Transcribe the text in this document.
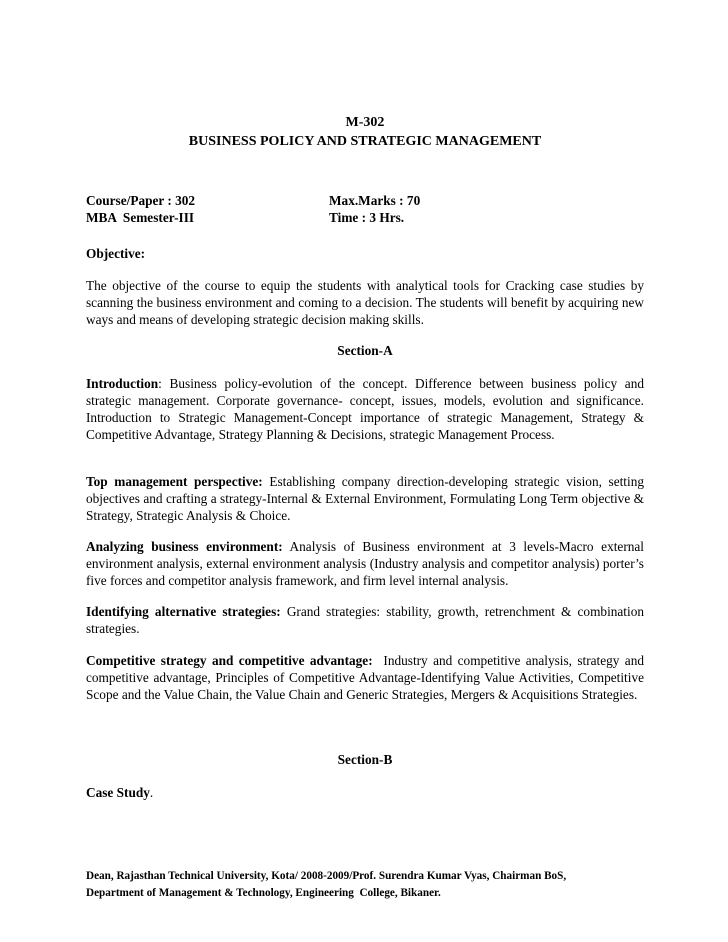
M-302
BUSINESS POLICY AND STRATEGIC MANAGEMENT
Course/Paper : 302	Max.Marks : 70
MBA  Semester-III	Time : 3 Hrs.
Objective:
The objective of the course to equip the students with analytical tools for Cracking case studies by scanning the business environment and coming to a decision. The students will benefit by acquiring new ways and means of developing strategic decision making skills.
Section-A
Introduction: Business policy-evolution of the concept. Difference between business policy and strategic management. Corporate governance- concept, issues, models, evolution and significance. Introduction to Strategic Management-Concept importance of strategic Management, Strategy & Competitive Advantage, Strategy Planning & Decisions, strategic Management Process.
Top management perspective: Establishing company direction-developing strategic vision, setting objectives and crafting a strategy-Internal & External Environment, Formulating Long Term objective & Strategy, Strategic Analysis & Choice.
Analyzing business environment: Analysis of Business environment at 3 levels-Macro external environment analysis, external environment analysis (Industry analysis and competitor analysis) porter’s five forces and competitor analysis framework, and firm level internal analysis.
Identifying alternative strategies: Grand strategies: stability, growth, retrenchment & combination strategies.
Competitive strategy and competitive advantage: Industry and competitive analysis, strategy and competitive advantage, Principles of Competitive Advantage-Identifying Value Activities, Competitive Scope and the Value Chain, the Value Chain and Generic Strategies, Mergers & Acquisitions Strategies.
Section-B
Case Study.
Dean, Rajasthan Technical University, Kota/ 2008-2009/Prof. Surendra Kumar Vyas, Chairman BoS,
Department of Management & Technology, Engineering  College, Bikaner.
